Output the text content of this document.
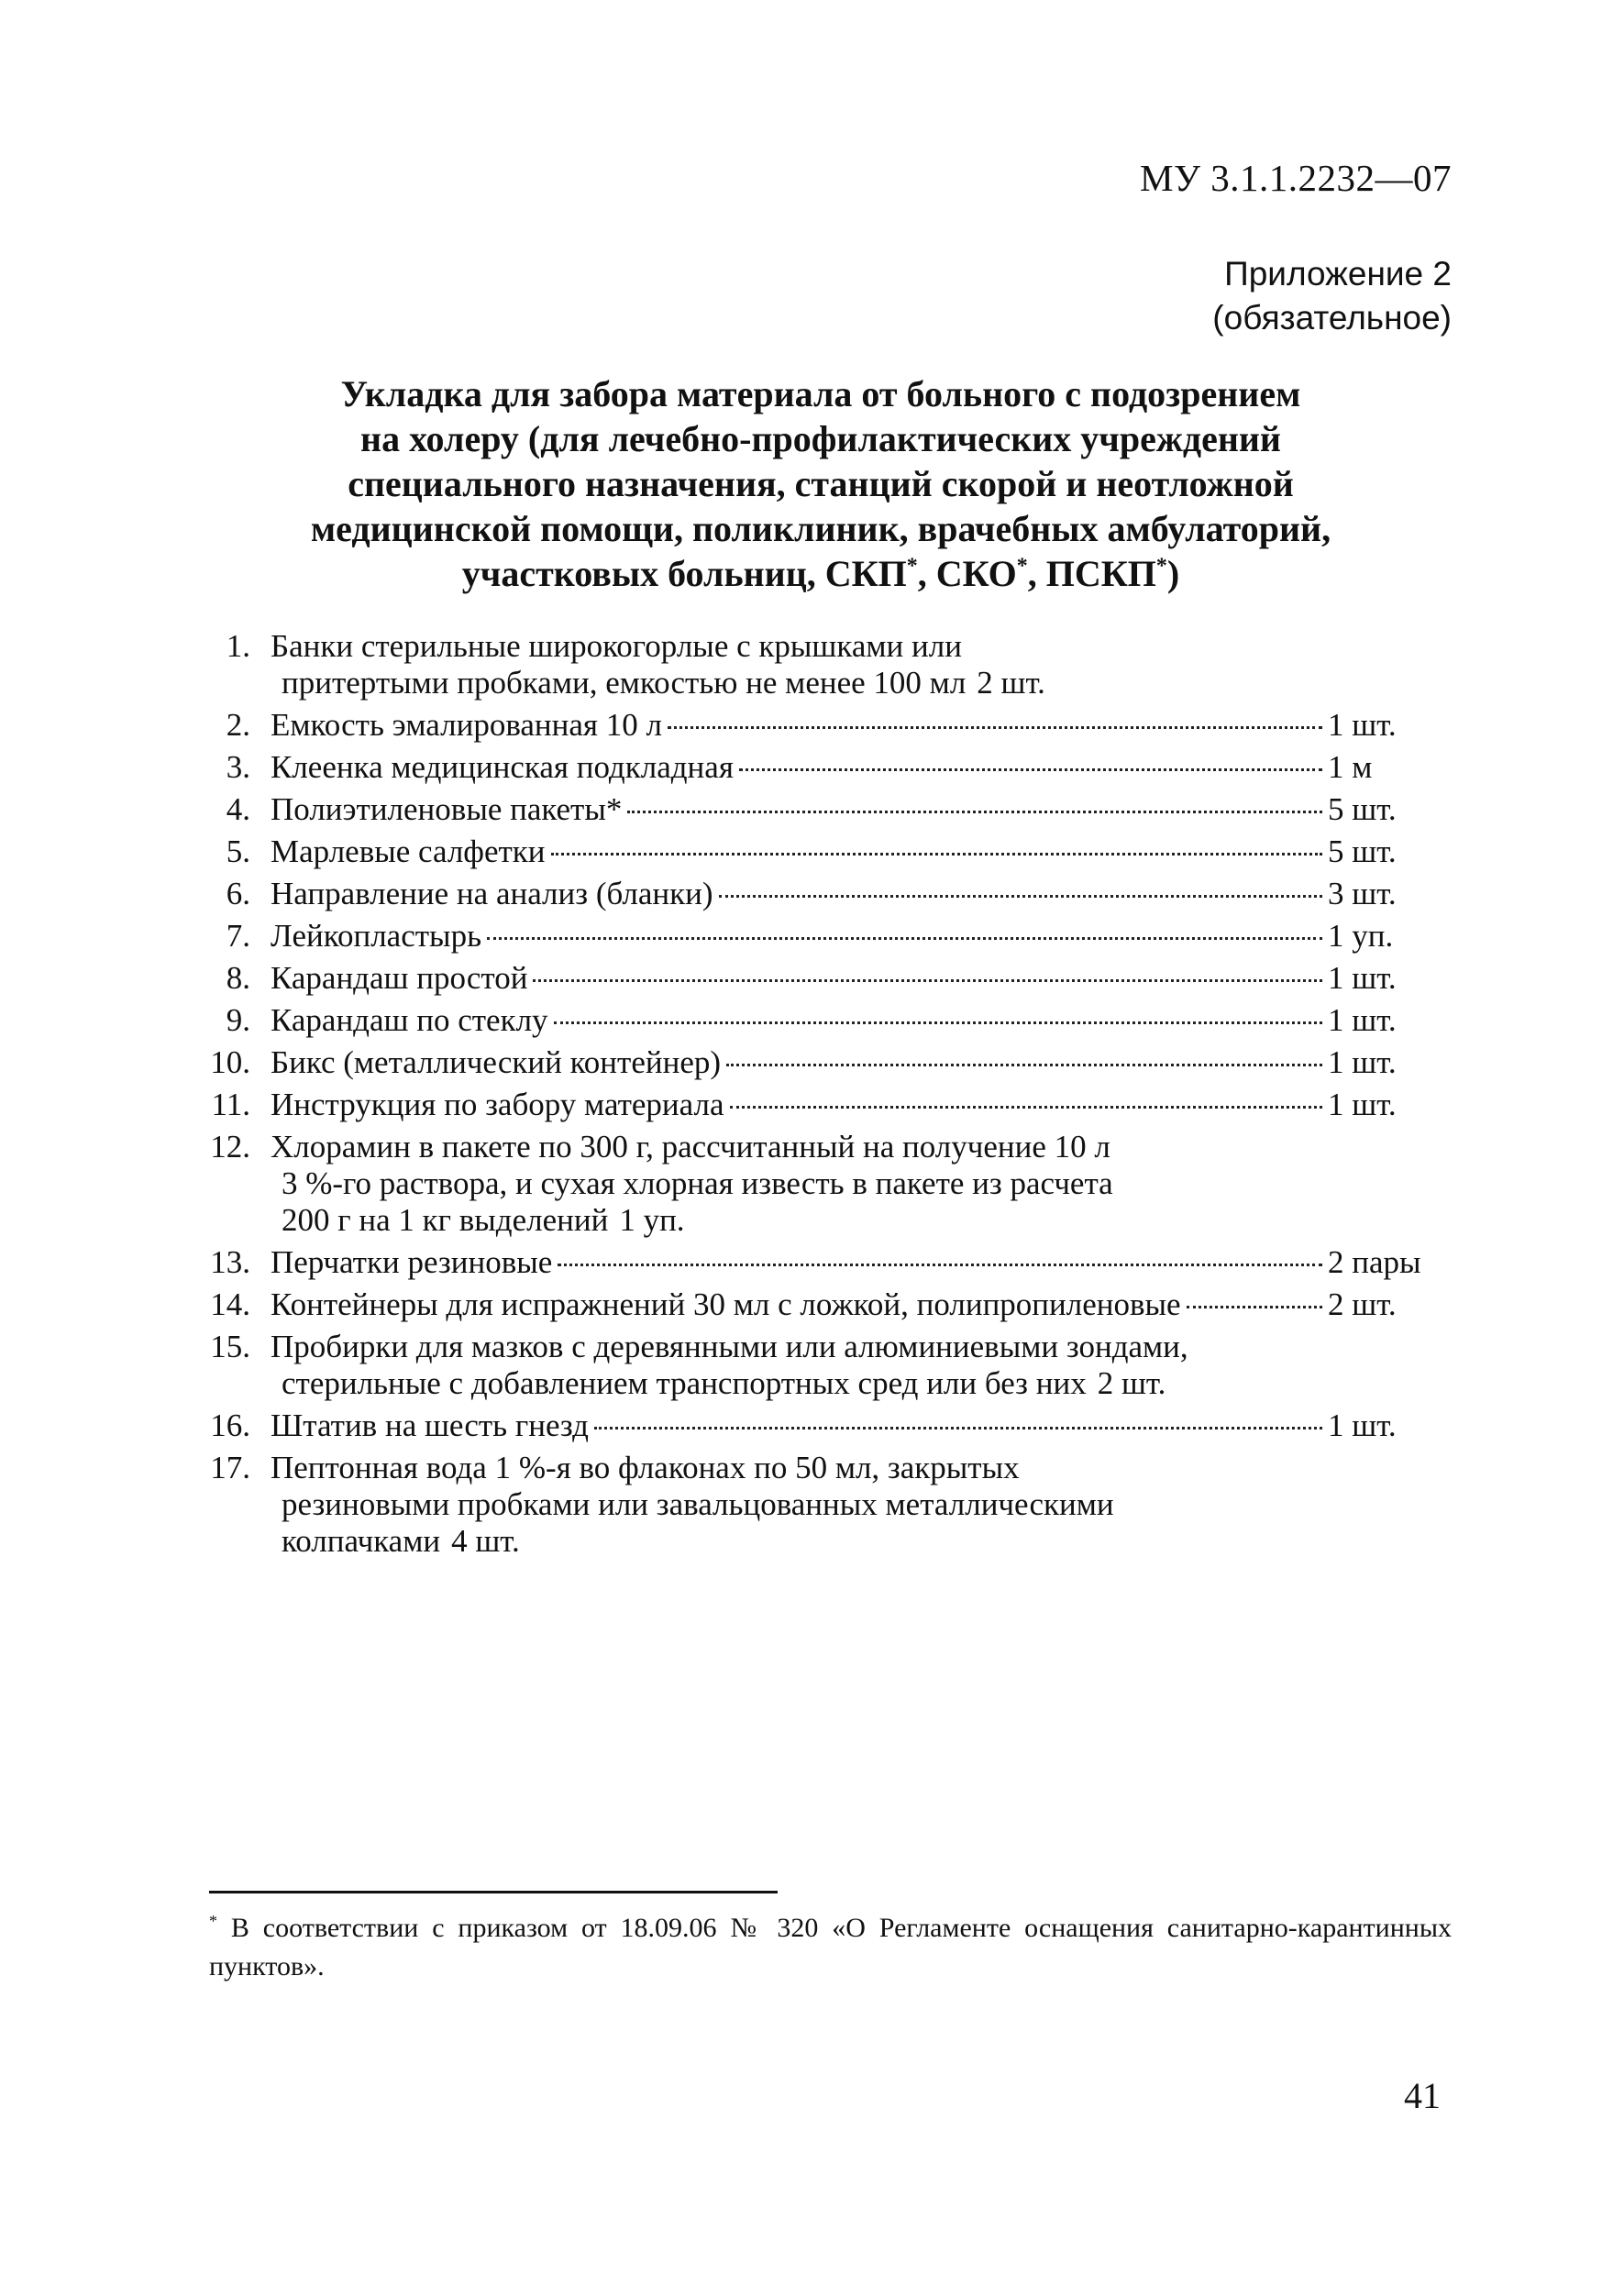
МУ 3.1.1.2232—07
Приложение 2
(обязательное)
Укладка для забора материала от больного с подозрением
на холеру (для лечебно-профилактических учреждений
специального назначения, станций скорой и неотложной
медицинской помощи, поликлиник, врачебных амбулаторий,
участковых больниц, СКП*, СКО*, ПСКП*)
1. Банки стерильные широкогорлые с крышками или
притертыми пробками, емкостью не менее 100 мл 2 шт.
2. Емкость эмалированная 10 л	1 шт.
3. Клеенка медицинская подкладная	1 м
4. Полиэтиленовые пакеты*	5 шт.
5. Марлевые салфетки	5 шт.
6. Направление на анализ (бланки)	3 шт.
7. Лейкопластырь	1 уп.
8. Карандаш простой	1 шт.
9. Карандаш по стеклу	1 шт.
10. Бикс (металлический контейнер)	1 шт.
11. Инструкция по забору материала	1 шт.
12. Хлорамин в пакете по 300 г, рассчитанный на получение 10 л
3 %-го раствора, и сухая хлорная известь в пакете из расчета
200 г на 1 кг выделений 1 уп.
13. Перчатки резиновые	2 пары
14. Контейнеры для испражнений 30 мл с ложкой, полипропиленовые	2 шт.
15. Пробирки для мазков с деревянными или алюминиевыми зондами,
стерильные с добавлением транспортных сред или без них 2 шт.
16. Штатив на шесть гнезд	1 шт.
17. Пептонная вода 1 %-я во флаконах по 50 мл, закрытых
резиновыми пробками или завальцованных металлическими
колпачками 4 шт.
* В соответствии с приказом от 18.09.06 № 320 «О Регламенте оснащения санитарно-карантинных пунктов».
41
